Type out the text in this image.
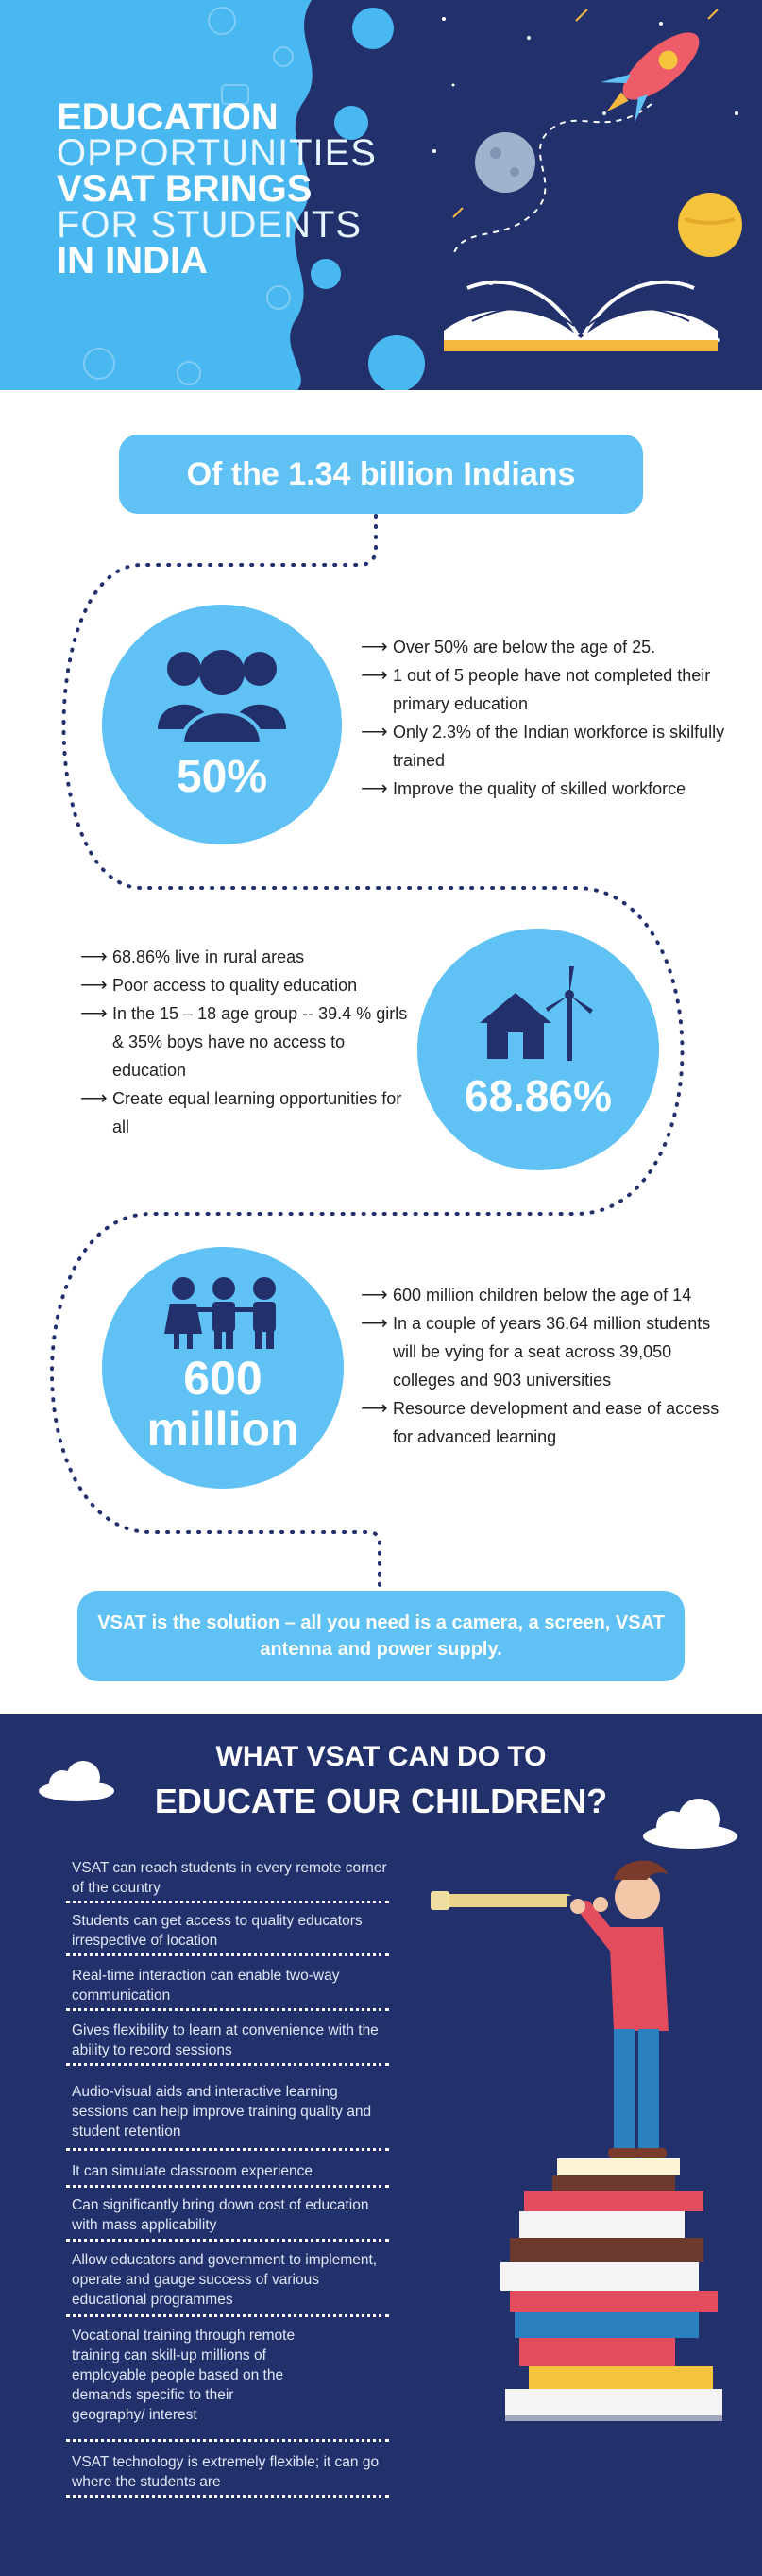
EDUCATION
OPPORTUNITIES
VSAT BRINGS
FOR STUDENTS
IN INDIA
Of the 1.34 billion Indians
50%
⟶ Over 50% are below the age of 25.
⟶ 1 out of 5 people have not completed their primary education
⟶ Only 2.3% of the Indian workforce is skilfully trained
⟶ Improve the quality of skilled workforce
⟶ 68.86% live in rural areas
⟶ Poor access to quality education
⟶ In the 15 – 18 age group -- 39.4 % girls & 35% boys have no access to education
⟶ Create equal learning opportunities for all
68.86%
600
million
⟶ 600 million children below the age of 14
⟶ In a couple of years 36.64 million students will be vying for a seat across 39,050 colleges and 903 universities
⟶ Resource development and ease of access for advanced learning
VSAT is the solution – all you need is a camera, a screen, VSAT antenna and power supply.
WHAT VSAT CAN DO TO
EDUCATE OUR CHILDREN?
VSAT can reach students in every remote corner of the country
Students can get access to quality educators irrespective of location
Real-time interaction can enable two-way communication
Gives flexibility to learn at convenience with the ability to record sessions
Audio-visual aids and interactive learning sessions can help improve training quality and student retention
It can simulate classroom experience
Can significantly bring down cost of education with mass applicability
Allow educators and government to implement, operate and gauge success of various educational programmes
Vocational training through remote training can skill-up millions of employable people based on the demands specific to their geography/ interest
VSAT technology is extremely flexible; it can go where the students are
